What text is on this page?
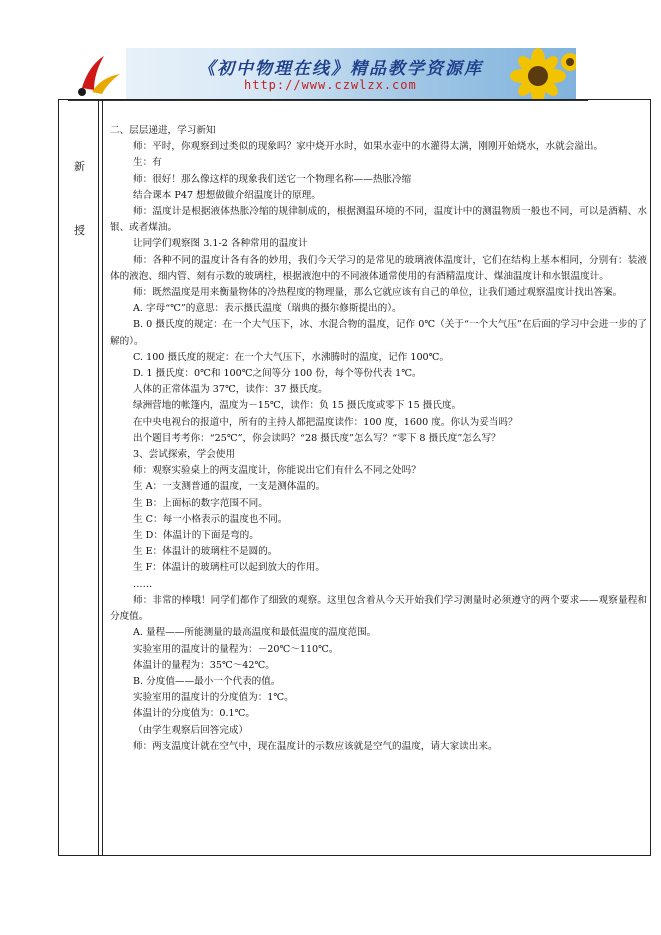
《初中物理在线》精品教学资源库
http://www.czwlzx.com
新
授

二、层层递进，学习新知

师：平时，你观察到过类似的现象吗？家中烧开水时，如果水壶中的水灌得太满，刚刚开始烧水，水就会溢出。

生：有

师：很好！那么像这样的现象我们送它一个物理名称——热胀冷缩

结合课本 P47 想想做做介绍温度计的原理。

师：温度计是根据液体热胀冷缩的规律制成的，根据测温环境的不同，温度计中的测温物质一般也不同，可以是酒精、水银、或者煤油。

让同学们观察图 3.1-2 各种常用的温度计

师：各种不同的温度计各有各的妙用，我们今天学习的是常见的玻璃液体温度计，它们在结构上基本相同，分别有：装液体的液泡、细内管、刻有示数的玻璃柱，根据液泡中的不同液体通常使用的有酒精温度计、煤油温度计和水银温度计。

师：既然温度是用来衡量物体的冷热程度的物理量，那么它就应该有自己的单位，让我们通过观察温度计找出答案。

A. 字母“℃”的意思：表示摄氏温度（瑞典的摄尔修斯提出的）。

B. 0 摄氏度的规定：在一个大气压下，冰、水混合物的温度，记作 0℃（关于“一个大气压”在后面的学习中会进一步的了解的）。

C. 100 摄氏度的规定：在一个大气压下，水沸腾时的温度，记作 100℃。

D. 1 摄氏度：0℃和 100℃之间等分 100 份，每个等份代表 1℃。

人体的正常体温为 37℃，读作：37 摄氏度。

绿洲营地的帐篷内，温度为－15℃，读作：负 15 摄氏度或零下 15 摄氏度。

在中央电视台的报道中，所有的主持人都把温度读作：100 度，1600 度。你认为妥当吗？

出个题目考考你：“25℃”，你会读吗？“28 摄氏度”怎么写？“零下 8 摄氏度”怎么写？

3、尝试探索，学会使用

师：观察实验桌上的两支温度计，你能说出它们有什么不同之处吗？

生 A：一支测普通的温度，一支是测体温的。

生 B：上面标的数字范围不同。

生 C：每一小格表示的温度也不同。

生 D：体温计的下面是弯的。

生 E：体温计的玻璃柱不是圆的。

生 F：体温计的玻璃柱可以起到放大的作用。

……

师：非常的棒哦！同学们都作了细致的观察。这里包含着从今天开始我们学习测量时必须遵守的两个要求——观察量程和分度值。

A. 量程——所能测量的最高温度和最低温度的温度范围。

实验室用的温度计的量程为：－20℃～110℃。

体温计的量程为：35℃～42℃。

B. 分度值——最小一个代表的值。

实验室用的温度计的分度值为：1℃。

体温计的分度值为：0.1℃。

（由学生观察后回答完成）

师：两支温度计就在空气中，现在温度计的示数应该就是空气的温度，请大家读出来。
